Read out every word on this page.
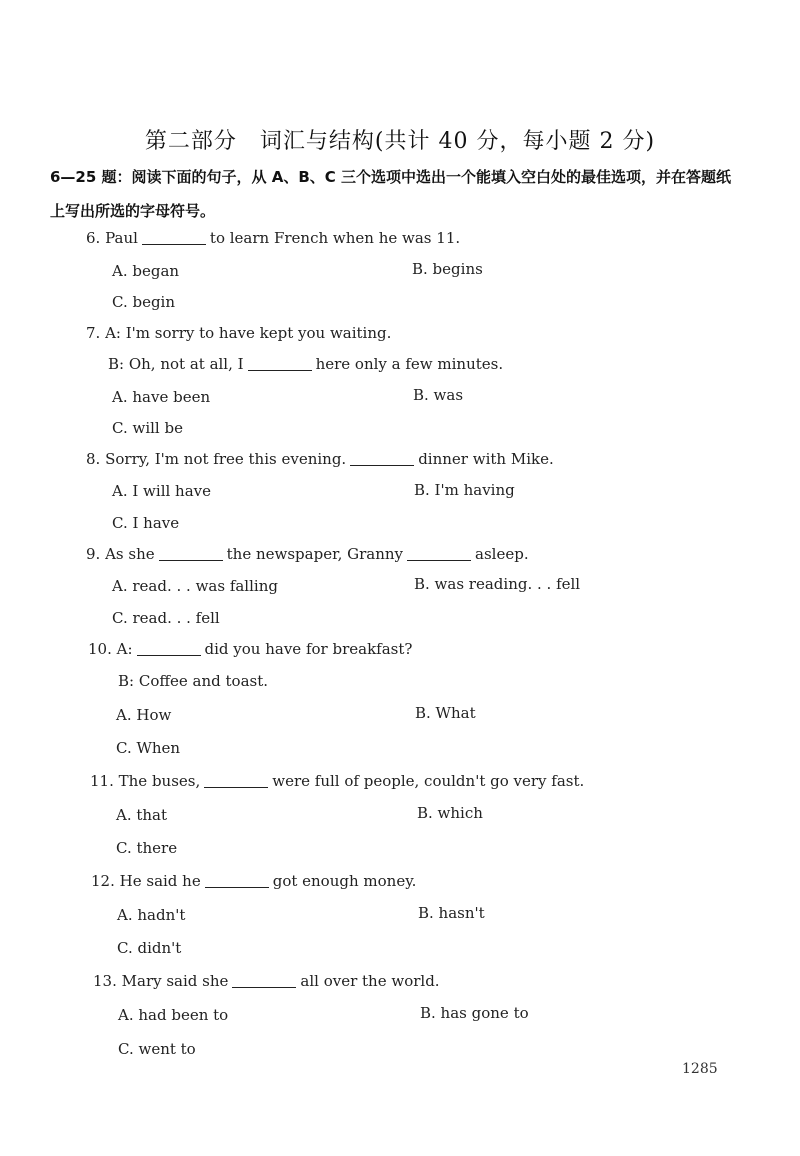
第二部分　词汇与结构(共计 40 分，每小题 2 分)
6—25 题：阅读下面的句子，从 A、B、C 三个选项中选出一个能填入空白处的最佳选项，并在答题纸上写出所选的字母符号。
6. Paul	to learn French when he was 11.
A. began	B. begins
C. begin
7. A: I'm sorry to have kept you waiting.
B: Oh, not at all, I	here only a few minutes.
A. have been	B. was
C. will be
8. Sorry, I'm not free this evening.	dinner with Mike.
A. I will have	B. I'm having
C. I have
9. As she	the newspaper, Granny	asleep.
A. read. . . was falling	B. was reading. . . fell
C. read. . . fell
10. A:	did you have for breakfast?
B: Coffee and toast.
A. How	B. What
C. When
11. The buses,	were full of people, couldn't go very fast.
A. that	B. which
C. there
12. He said he	got enough money.
A. hadn't	B. hasn't
C. didn't
13. Mary said she	all over the world.
A. had been to	B. has gone to
C. went to
1285
